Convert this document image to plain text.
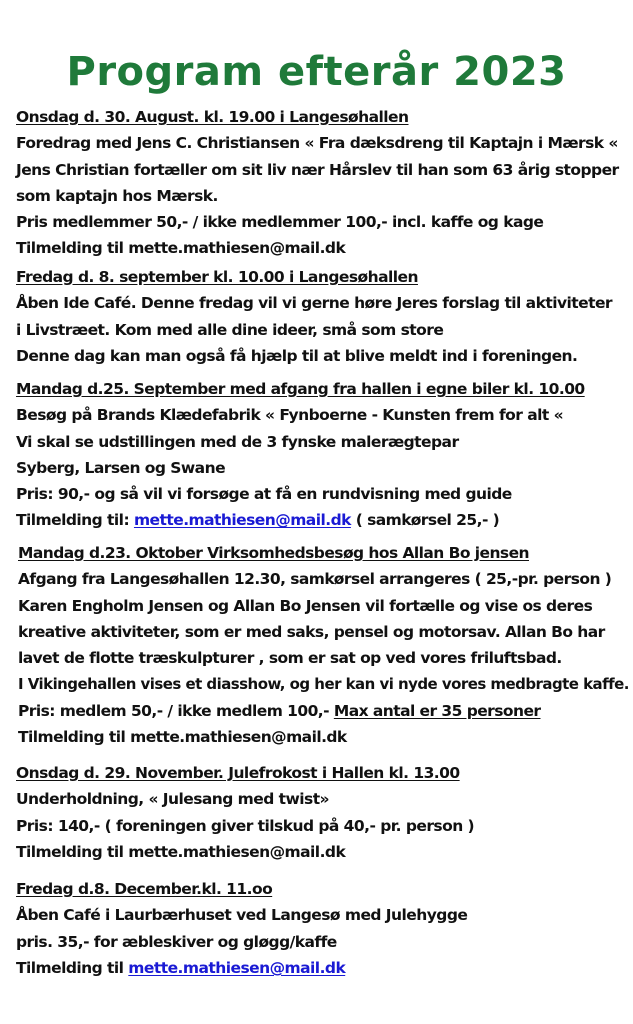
Program efterår 2023
Onsdag d. 30. August. kl. 19.00 i Langesøhallen
Foredrag med Jens C. Christiansen « Fra dæksdreng til Kaptajn i Mærsk «
Jens Christian fortæller om sit liv nær Hårslev til han som 63 årig stopper
som kaptajn hos Mærsk.
Pris medlemmer 50,- / ikke medlemmer 100,- incl. kaffe og kage
Tilmelding til mette.mathiesen@mail.dk
Fredag d. 8. september kl. 10.00 i Langesøhallen
Åben Ide Café. Denne fredag vil vi gerne høre Jeres forslag til aktiviteter
i Livstræet. Kom med alle dine ideer, små som store
Denne dag kan man også få hjælp til at blive meldt ind i foreningen.
Mandag d.25. September med afgang fra hallen i egne biler kl. 10.00
Besøg på Brands Klædefabrik « Fynboerne - Kunsten frem for alt «
Vi skal se udstillingen med de 3 fynske malerægtepar
Syberg, Larsen og Swane
Pris: 90,- og så vil vi forsøge at få en rundvisning med guide
Tilmelding til: mette.mathiesen@mail.dk ( samkørsel 25,- )
Mandag d.23. Oktober Virksomhedsbesøg hos Allan Bo jensen
Afgang fra Langesøhallen 12.30, samkørsel arrangeres ( 25,-pr. person )
Karen Engholm Jensen og Allan Bo Jensen vil fortælle og vise os deres
kreative aktiviteter, som er med saks, pensel og motorsav. Allan Bo har
lavet de flotte træskulpturer , som er sat op ved vores friluftsbad.
I Vikingehallen vises et diasshow, og her kan vi nyde vores medbragte kaffe.
Pris: medlem 50,- / ikke medlem 100,- Max antal er 35 personer
Tilmelding til mette.mathiesen@mail.dk
Onsdag d. 29. November. Julefrokost i Hallen kl. 13.00
Underholdning, « Julesang med twist»
Pris: 140,- ( foreningen giver tilskud på 40,- pr. person )
Tilmelding til mette.mathiesen@mail.dk
Fredag d.8. December.kl. 11.oo
Åben Café i Laurbærhuset ved Langesø med Julehygge
pris. 35,- for æbleskiver og gløgg/kaffe
Tilmelding til mette.mathiesen@mail.dk
